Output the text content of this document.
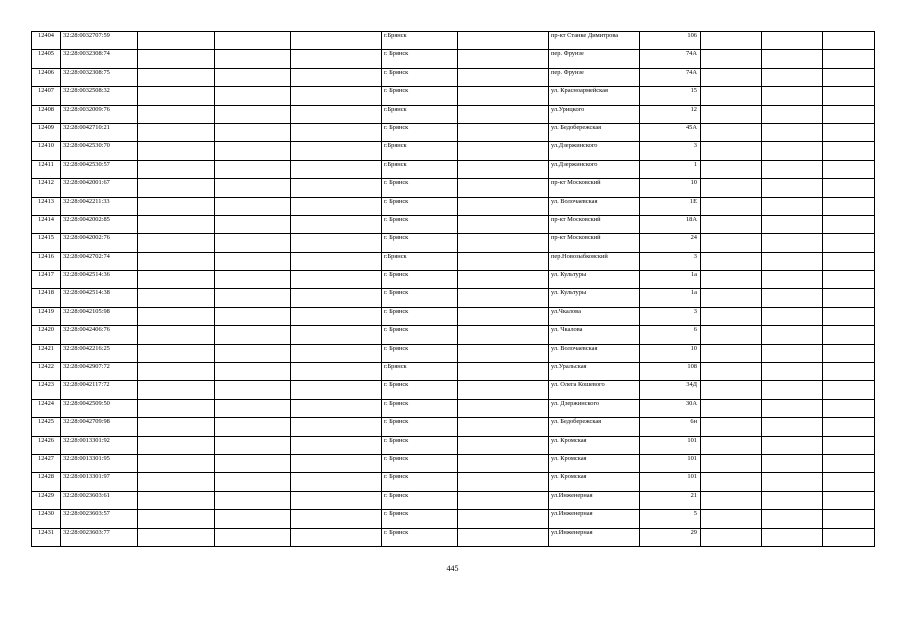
12404	32:28:0032707:59				г.Брянск		пр-кт Станке Димитрова	106			
12405	32:28:0032308:74				г. Брянск		пер. Фрунзе	74А			
12406	32:28:0032308:75				г. Брянск		пер. Фрунзе	74А			
12407	32:28:0032508:32				г. Брянск		ул. Красноармейская	15			
12408	32:28:0032009:76				г.Брянск		ул.Урицкого	12			
12409	32:28:0042710:21				г. Брянск		ул. Бедобережская	45А			
12410	32:28:0042530:70				г.Брянск		ул.Дзержинского	3			
12411	32:28:0042530:57				г.Брянск		ул.Дзержинского	1			
12412	32:28:0042001:67				г. Брянск		пр-кт Московский	10			
12413	32:28:0042211:33				г. Брянск		ул. Волочаевская	1Е			
12414	32:28:0042002:85				г. Брянск		пр-кт Московский	18А			
12415	32:28:0042002:76				г. Брянск		пр-кт Московский	24			
12416	32:28:0042702:74				г.Брянск		пер.Новозыбковский	3			
12417	32:28:0042514:36				г. Брянск		ул. Культуры	1а			
12418	32:28:0042514:38				г. Брянск		ул. Культуры	1а			
12419	32:28:0042105:98				г. Брянск		ул.Чкалова	3			
12420	32:28:0042406:76				г. Брянск		ул. Чкалова	6			
12421	32:28:0042216:25				г. Брянск		ул. Волочаевская	10			
12422	32:28:0042907:72				г.Брянск		ул.Уральская	108			
12423	32:28:0042117:72				г. Брянск		ул. Олега Кошевого	34Д			
12424	32:28:0042509:50				г. Брянск		ул. Дзержинского	30А			
12425	32:28:0042709:98				г. Брянск		ул. Бедобережская	6н			
12426	32:28:0013301:92				г. Брянск		ул. Кромская	101			
12427	32:28:0013301:95				г. Брянск		ул. Кромская	101			
12428	32:28:0013301:97				г. Брянск		ул. Кромская	101			
12429	32:28:0023603:61				г. Брянск		ул.Инженерная	21			
12430	32:28:0023603:57				г. Брянск		ул.Инженерная	5			
12431	32:28:0023603:77				г. Брянск		ул.Инженерная	29			
445
